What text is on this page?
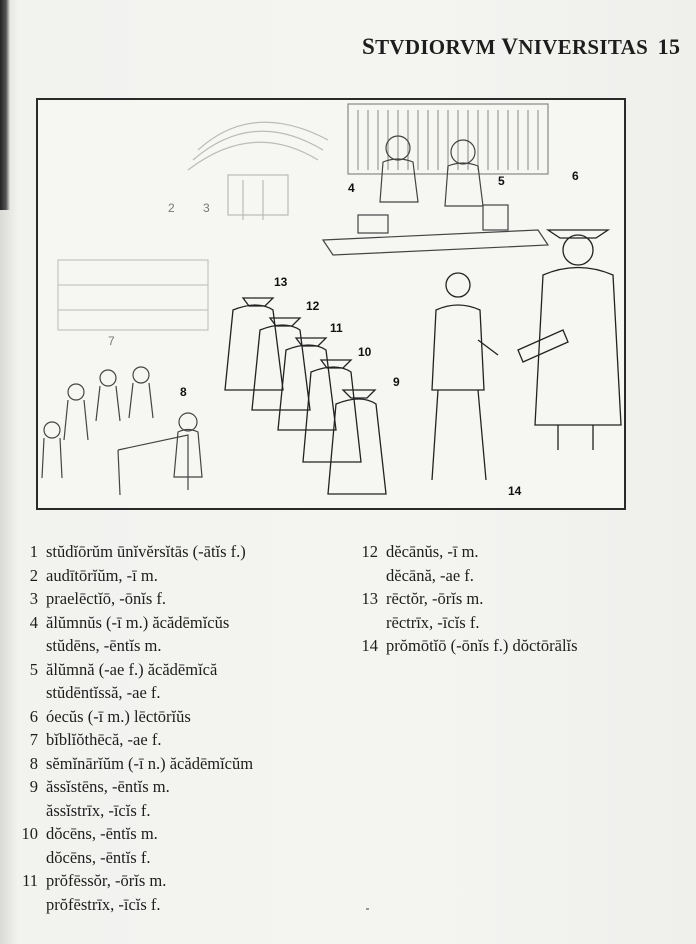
STVDIORVM VNIVERSITAS 15
2 3
4	5	6
7
8
9
10
11
12
13
14
1 stŭdĭōrŭm ūnĭvĕrsĭtās (-ātĭs f.)
2 audītōrĭŭm, -ī m.
3 praelēctĭō, -ōnĭs f.
4 ălŭmnŭs (-ī m.) ăcădēmĭcŭs
stŭdēns, -ēntĭs m.
5 ălŭmnă (-ae f.) ăcădēmĭcă
stŭdēntĭssă, -ae f.
6 óecŭs (-ī m.) lēctōrĭŭs
7 bĭblĭŏthēcă, -ae f.
8 sĕmĭnārĭŭm (-ī n.) ăcădēmĭcŭm
9 ăssĭstēns, -ēntĭs m.
ăssĭstrīx, -īcĭs f.
10 dŏcēns, -ēntĭs m.
dŏcēns, -ēntĭs f.
11 prŏfēssŏr, -ōrĭs m.
prŏfēstrīx, -īcĭs f.
12 dĕcānŭs, -ī m.
dĕcānă, -ae f.
13 rēctŏr, -ōrĭs m.
rēctrīx, -īcĭs f.
14 prŏmōtĭō (-ōnĭs f.) dŏctōrālĭs
